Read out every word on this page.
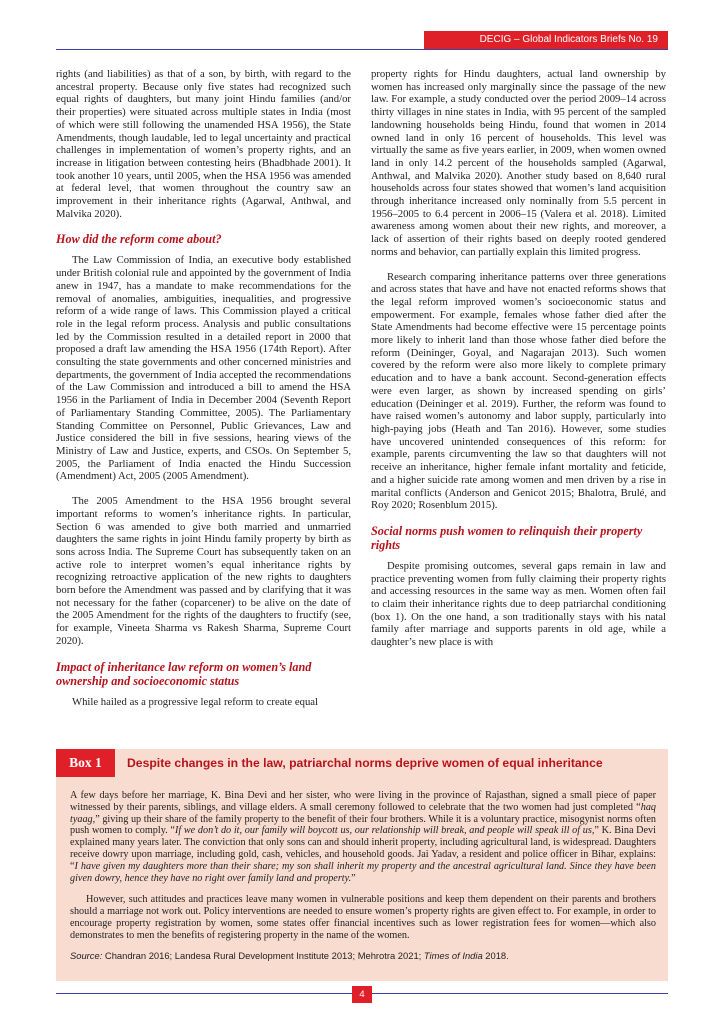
DECIG – Global Indicators Briefs No. 19

rights (and liabilities) as that of a son, by birth, with regard to the ancestral property. Because only five states had recognized such equal rights of daughters, but many joint Hindu families (and/or their properties) were situated across multiple states in India (most of which were still following the unamended HSA 1956), the State Amendments, though laudable, led to legal uncertainty and practical challenges in implementation of women’s property rights, and an increase in litigation between contesting heirs (Bhadbhade 2001). It took another 10 years, until 2005, when the HSA 1956 was amended at federal level, that women throughout the country saw an improvement in their inheritance rights (Agarwal, Anthwal, and Malvika 2020).

How did the reform come about?

The Law Commission of India, an executive body established under British colonial rule and appointed by the government of India anew in 1947, has a mandate to make recommendations for the removal of anomalies, ambiguities, inequalities, and progressive reform of a wide range of laws. This Commission played a critical role in the legal reform process. Analysis and public consultations led by the Commission resulted in a detailed report in 2000 that proposed a draft law amending the HSA 1956 (174th Report). After consulting the state governments and other concerned ministries and departments, the government of India accepted the recommendations of the Law Commission and introduced a bill to amend the HSA 1956 in the Parliament of India in December 2004 (Seventh Report of Parliamentary Standing Committee, 2005). The Parliamentary Standing Committee on Personnel, Public Grievances, Law and Justice considered the bill in five sessions, hearing views of the Ministry of Law and Justice, experts, and CSOs. On September 5, 2005, the Parliament of India enacted the Hindu Succession (Amendment) Act, 2005 (2005 Amendment).

The 2005 Amendment to the HSA 1956 brought several important reforms to women’s inheritance rights. In particular, Section 6 was amended to give both married and unmarried daughters the same rights in joint Hindu family property by birth as sons across India. The Supreme Court has subsequently taken on an active role to interpret women’s equal inheritance rights by recognizing retroactive application of the new rights to daughters born before the Amendment was passed and by clarifying that it was not necessary for the father (coparcener) to be alive on the date of the 2005 Amendment for the rights of the daughters to fructify (see, for example, Vineeta Sharma vs Rakesh Sharma, Supreme Court 2020).

Impact of inheritance law reform on women’s land ownership and socioeconomic status

While hailed as a progressive legal reform to create equal

property rights for Hindu daughters, actual land ownership by women has increased only marginally since the passage of the new law. For example, a study conducted over the period 2009–14 across thirty villages in nine states in India, with 95 percent of the sampled landowning households being Hindu, found that women in 2014 owned land in only 16 percent of households. This level was virtually the same as five years earlier, in 2009, when women owned land in only 14.2 percent of the households sampled (Agarwal, Anthwal, and Malvika 2020). Another study based on 8,640 rural households across four states showed that women’s land acquisition through inheritance increased only nominally from 5.5 percent in 1956–2005 to 6.4 percent in 2006–15 (Valera et al. 2018). Limited awareness among women about their new rights, and moreover, a lack of assertion of their rights based on deeply rooted gendered norms and behavior, can partially explain this limited progress.

Research comparing inheritance patterns over three generations and across states that have and have not enacted reforms shows that the legal reform improved women’s socioeconomic status and empowerment. For example, females whose father died after the State Amendments had become effective were 15 percentage points more likely to inherit land than those whose father died before the reform (Deininger, Goyal, and Nagarajan 2013). Such women covered by the reform were also more likely to complete primary education and to have a bank account. Second-generation effects were even larger, as shown by increased spending on girls’ education (Deininger et al. 2019). Further, the reform was found to have raised women’s autonomy and labor supply, particularly into high-paying jobs (Heath and Tan 2016). However, some studies have uncovered unintended consequences of this reform: for example, parents circumventing the law so that daughters will not receive an inheritance, higher female infant mortality and feticide, and a higher suicide rate among women and men driven by a rise in marital conflicts (Anderson and Genicot 2015; Bhalotra, Brulé, and Roy 2020; Rosenblum 2015).

Social norms push women to relinquish their property rights

Despite promising outcomes, several gaps remain in law and practice preventing women from fully claiming their property rights and accessing resources in the same way as men. Women often fail to claim their inheritance rights due to deep patriarchal conditioning (box 1). On the one hand, a son traditionally stays with his natal family after marriage and supports parents in old age, while a daughter’s new place is with

Box 1	Despite changes in the law, patriarchal norms deprive women of equal inheritance

A few days before her marriage, K. Bina Devi and her sister, who were living in the province of Rajasthan, signed a small piece of paper witnessed by their parents, siblings, and village elders. A small ceremony followed to celebrate that the two women had just completed “haq tyaag,” giving up their share of the family property to the benefit of their four brothers. While it is a voluntary practice, misogynist norms often push women to comply. “If we don’t do it, our family will boycott us, our relationship will break, and people will speak ill of us,” K. Bina Devi explained many years later. The conviction that only sons can and should inherit property, including agricultural land, is widespread. Daughters receive dowry upon marriage, including gold, cash, vehicles, and household goods. Jai Yadav, a resident and police officer in Bihar, explains: “I have given my daughters more than their share; my son shall inherit my property and the ancestral agricultural land. Since they have been given dowry, hence they have no right over family land and property.”

However, such attitudes and practices leave many women in vulnerable positions and keep them dependent on their parents and brothers should a marriage not work out. Policy interventions are needed to ensure women’s property rights are given effect to. For example, in order to encourage property registration by women, some states offer financial incentives such as lower registration fees for women—which also demonstrates to men the benefits of registering property in the name of the women.

Source: Chandran 2016; Landesa Rural Development Institute 2013; Mehrotra 2021; Times of India 2018.
4
